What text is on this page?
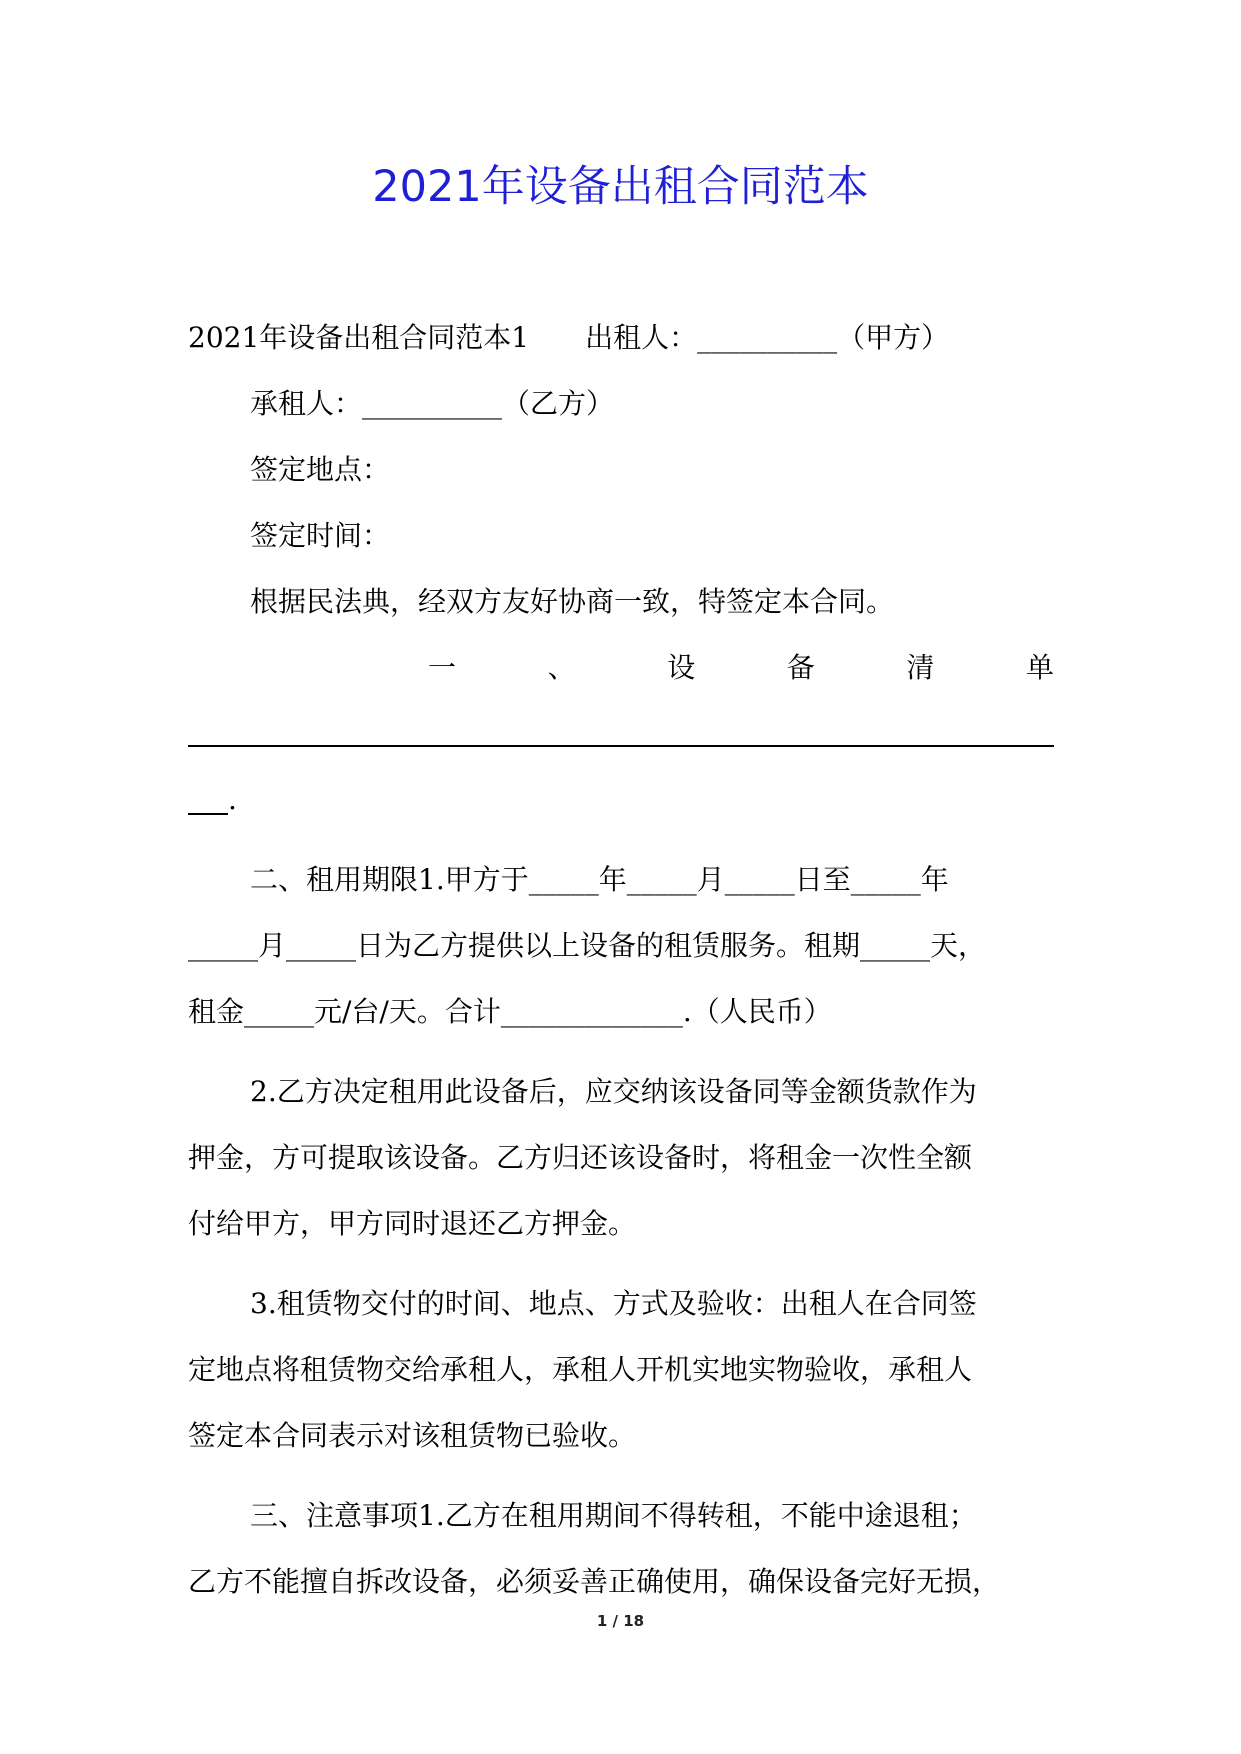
2021年设备出租合同范本
2021年设备出租合同范本1　　出租人：__________（甲方）
承租人：__________（乙方）
签定地点：
签定时间：
根据民法典，经双方友好协商一致，特签定本合同。
一	、	设	备	清	单
.
二、租用期限1.甲方于_____年_____月_____日至_____年
_____月_____日为乙方提供以上设备的租赁服务。租期_____天，
租金_____元/台/天。合计_____________.（人民币）
2.乙方决定租用此设备后，应交纳该设备同等金额货款作为
押金，方可提取该设备。乙方归还该设备时，将租金一次性全额
付给甲方，甲方同时退还乙方押金。
3.租赁物交付的时间、地点、方式及验收：出租人在合同签
定地点将租赁物交给承租人，承租人开机实地实物验收，承租人
签定本合同表示对该租赁物已验收。
三、注意事项1.乙方在租用期间不得转租，不能中途退租；
乙方不能擅自拆改设备，必须妥善正确使用，确保设备完好无损，
1 / 18
